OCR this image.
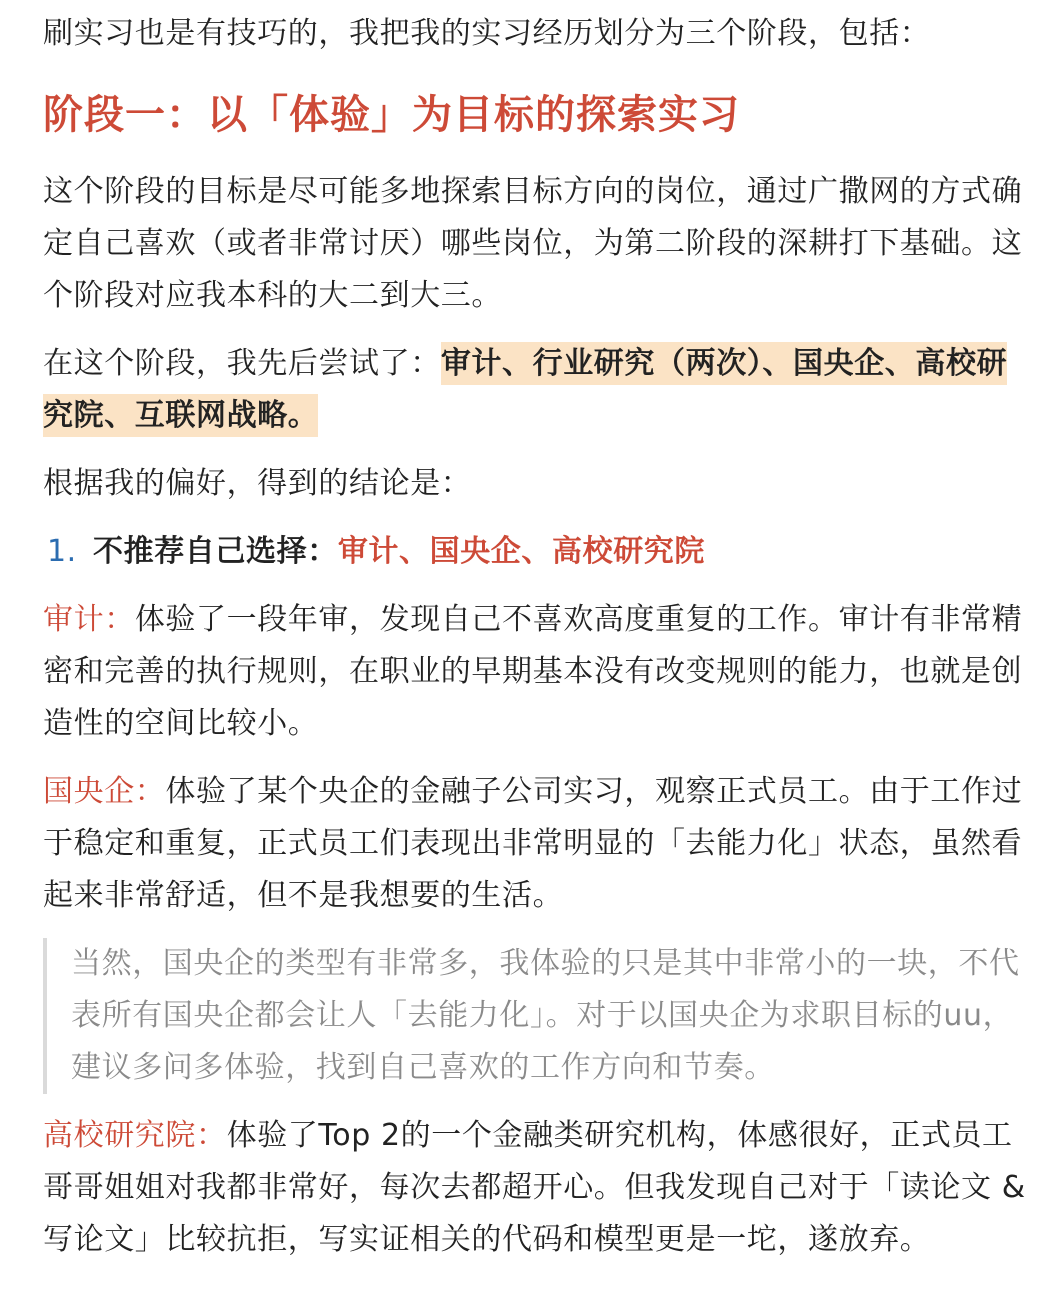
刷实习也是有技巧的，我把我的实习经历划分为三个阶段，包括：

阶段一：以「体验」为目标的探索实习

这个阶段的目标是尽可能多地探索目标方向的岗位，通过广撒网的方式确定自己喜欢（或者非常讨厌）哪些岗位，为第二阶段的深耕打下基础。这个阶段对应我本科的大二到大三。

在这个阶段，我先后尝试了：审计、行业研究（两次）、国央企、高校研究院、互联网战略。

根据我的偏好，得到的结论是：

1. 不推荐自己选择：审计、国央企、高校研究院

审计：体验了一段年审，发现自己不喜欢高度重复的工作。审计有非常精密和完善的执行规则，在职业的早期基本没有改变规则的能力，也就是创造性的空间比较小。

国央企：体验了某个央企的金融子公司实习，观察正式员工。由于工作过于稳定和重复，正式员工们表现出非常明显的「去能力化」状态，虽然看起来非常舒适，但不是我想要的生活。

当然，国央企的类型有非常多，我体验的只是其中非常小的一块，不代表所有国央企都会让人「去能力化」。对于以国央企为求职目标的uu，建议多问多体验，找到自己喜欢的工作方向和节奏。

高校研究院：体验了Top 2的一个金融类研究机构，体感很好，正式员工哥哥姐姐对我都非常好，每次去都超开心。但我发现自己对于「读论文 & 写论文」比较抗拒，写实证相关的代码和模型更是一坨，遂放弃。
